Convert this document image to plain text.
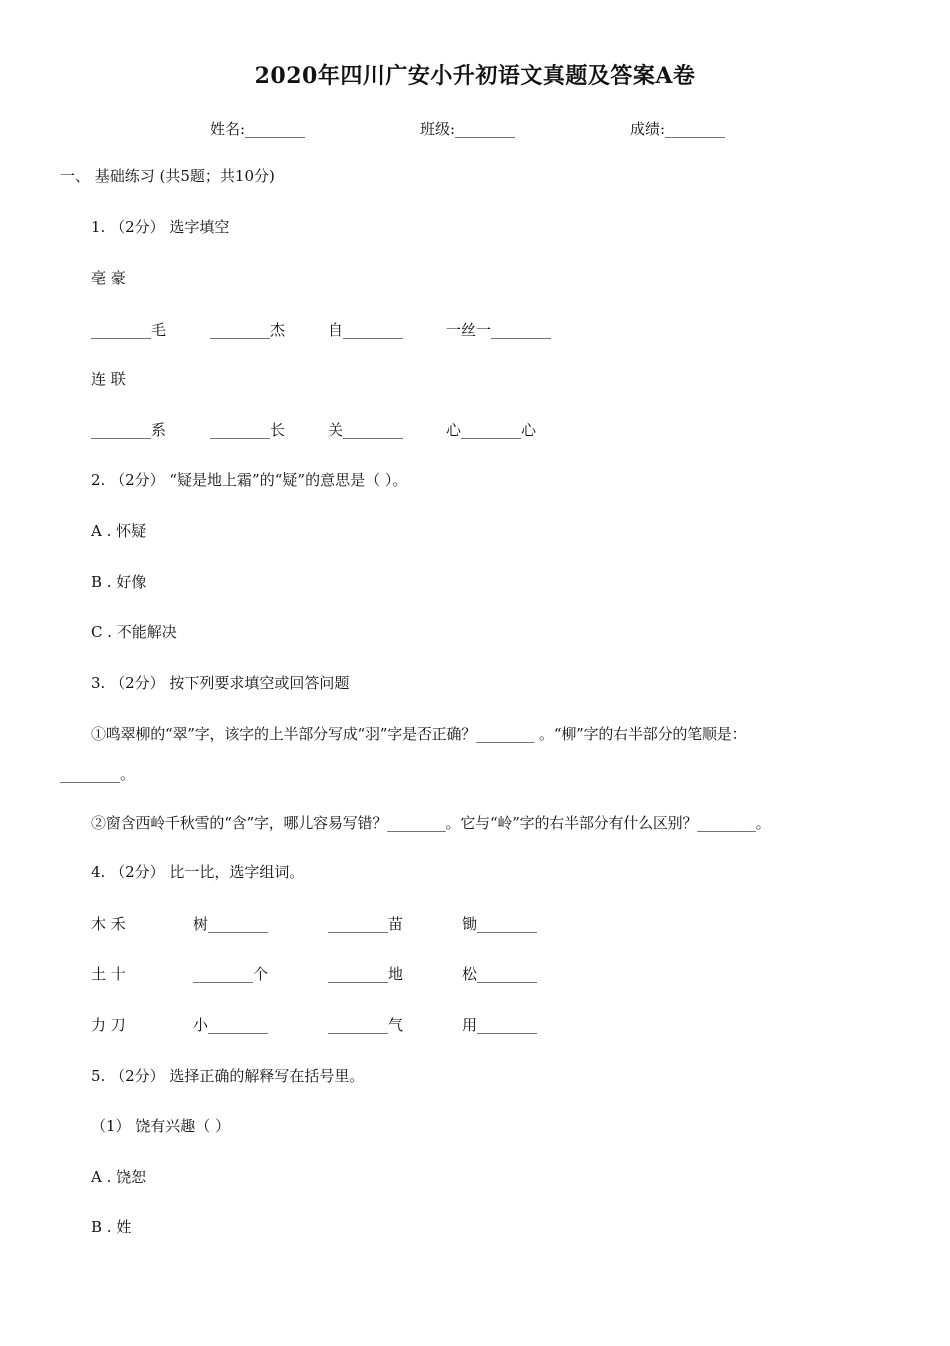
2020年四川广安小升初语文真题及答案A卷
姓名:________	班级:________	成绩:________
一、 基础练习 (共5题；共10分)
1. （2分） 选字填空
亳 豪
________毛	________杰	自________	一丝一________
连 联
________系	________长	关________	心________心
2. （2分） “疑是地上霜”的“疑”的意思是（ ）。
A . 怀疑
B . 好像
C . 不能解决
3. （2分） 按下列要求填空或回答问题
①鸣翠柳的“翠”字，该字的上半部分写成“羽”字是否正确？________ 。“柳”字的右半部分的笔顺是：
________。
②窗含西岭千秋雪的“含”字，哪儿容易写错？________。它与“岭”字的右半部分有什么区别？________。
4. （2分） 比一比，选字组词。
木 禾	树________	________苗	锄________
土 十	________个	________地	松________
力 刀	小________	________气	用________
5. （2分） 选择正确的解释写在括号里。
（1） 饶有兴趣（ ）
A . 饶恕
B . 姓
